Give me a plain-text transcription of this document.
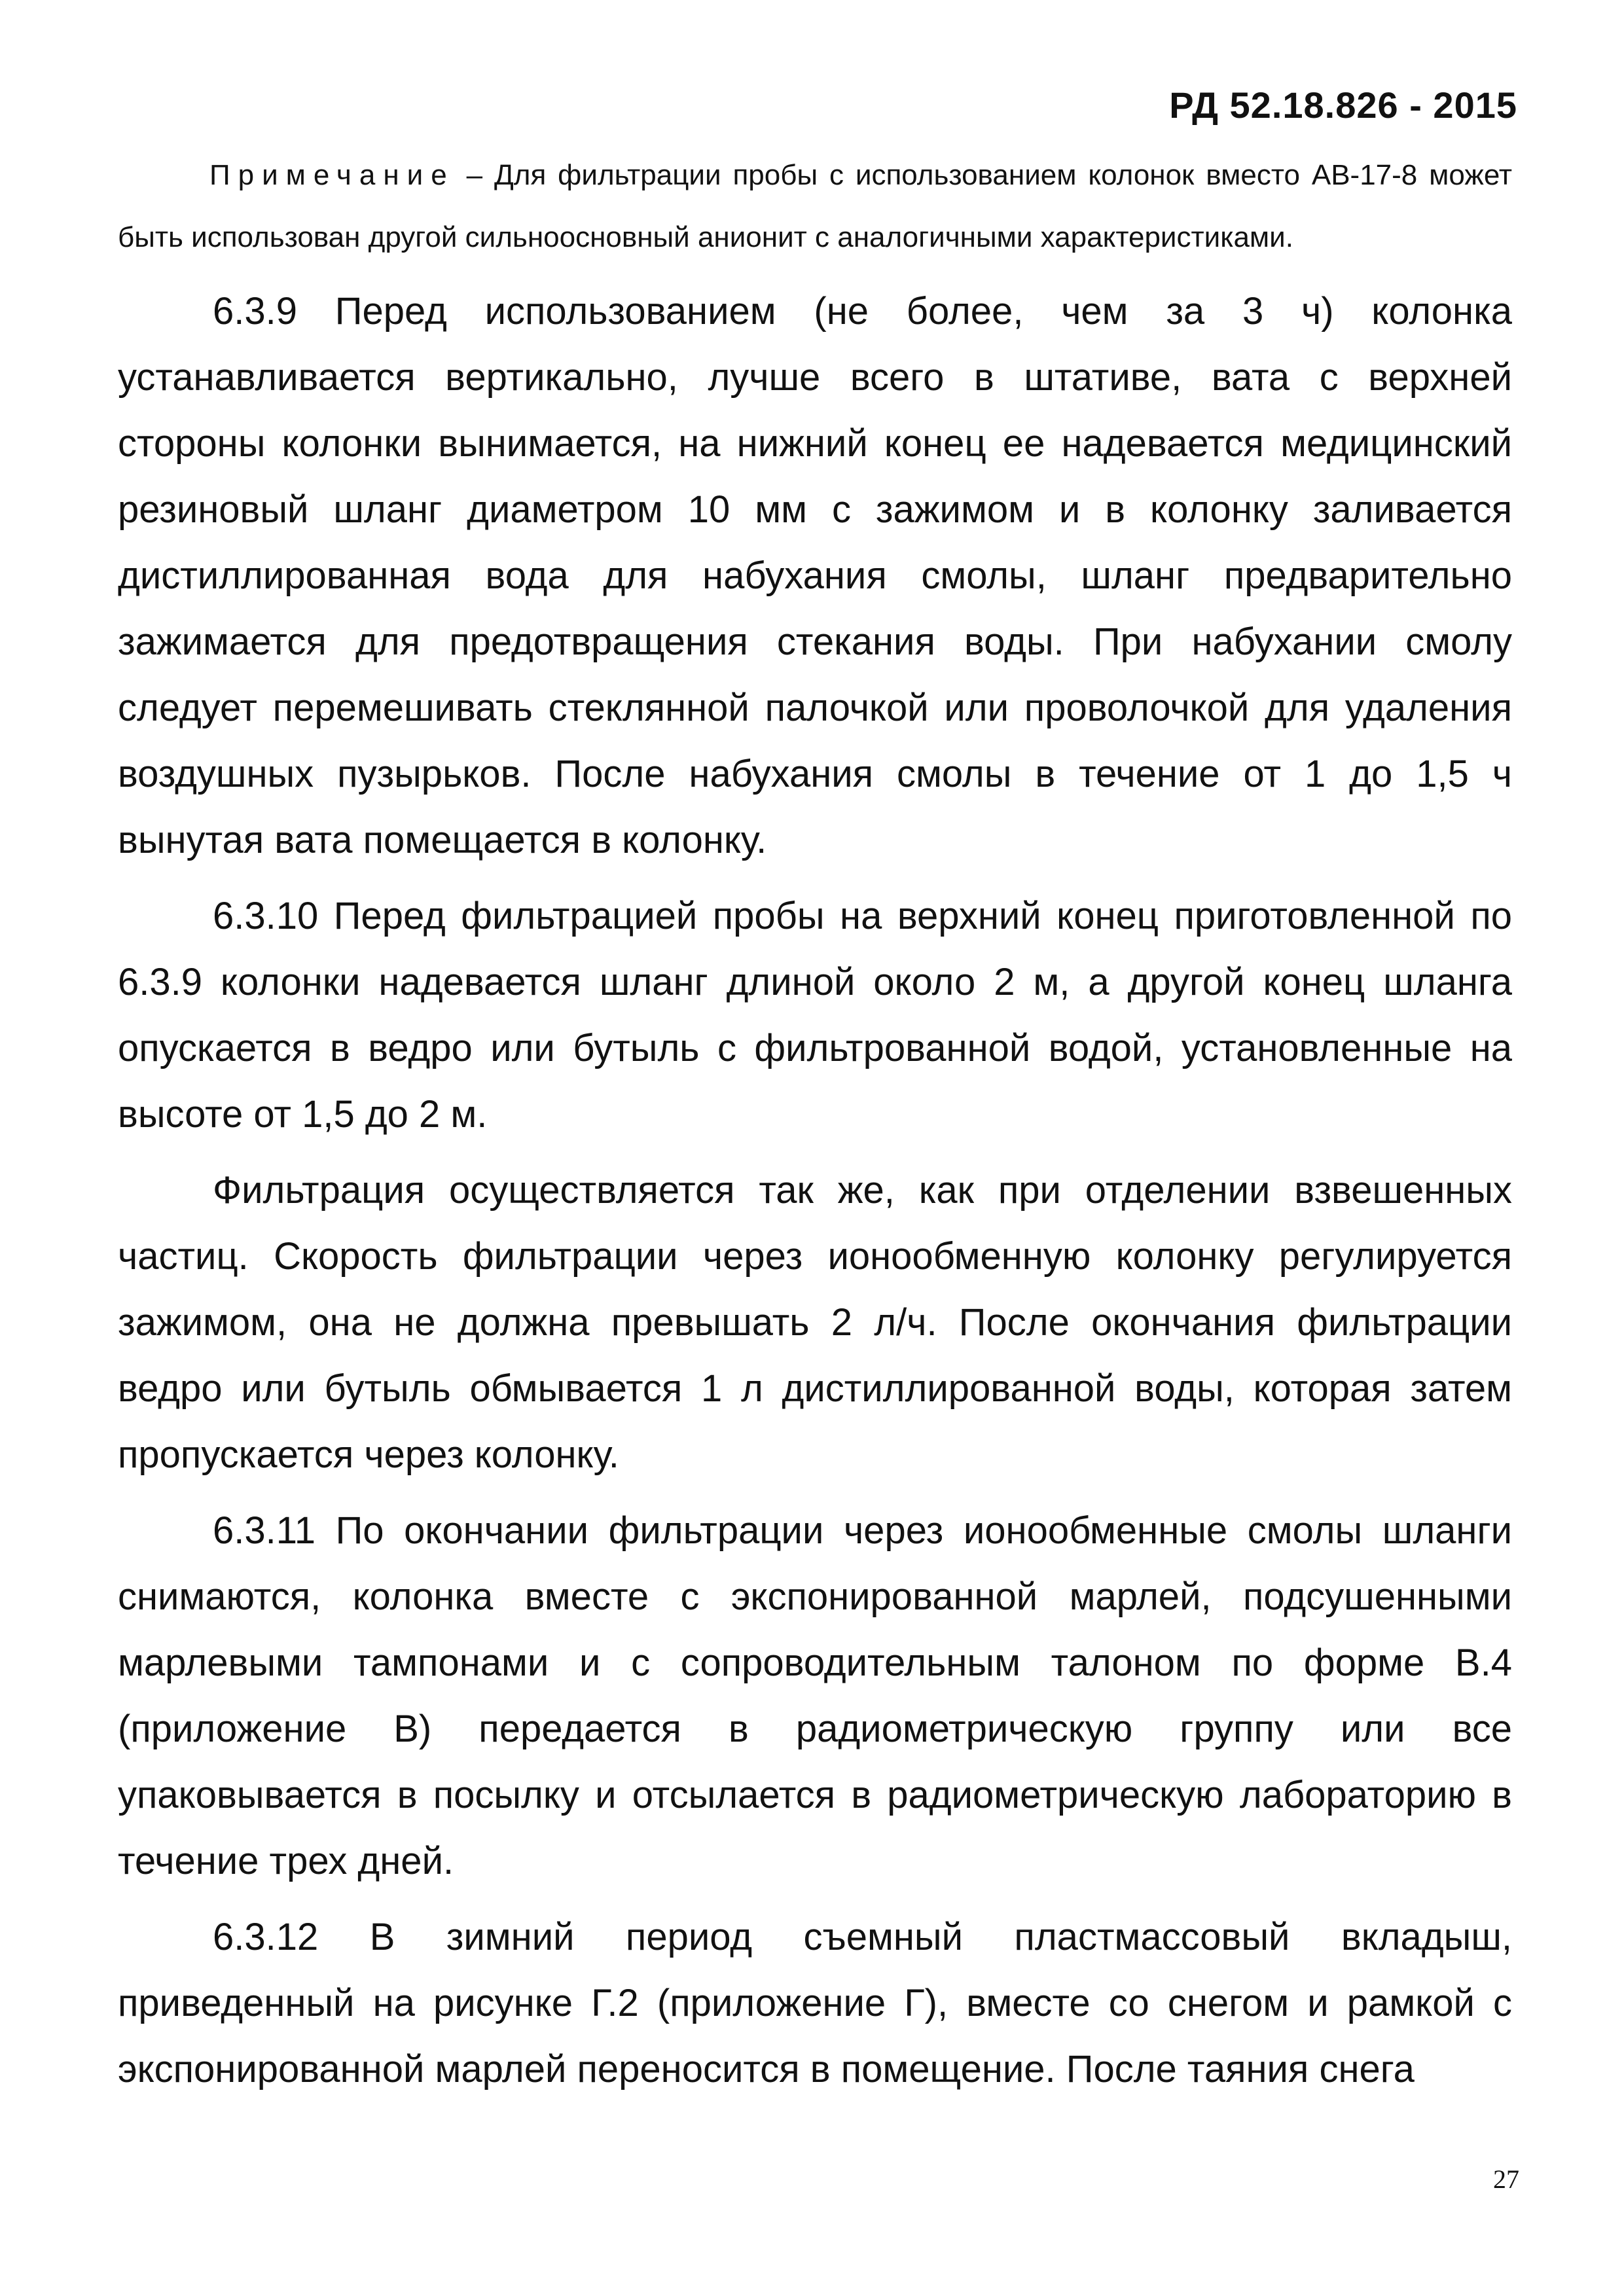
РД 52.18.826 - 2015

Примечание – Для фильтрации пробы с использованием колонок вместо АВ-17-8 может быть использован другой сильноосновный анионит с аналогичными характеристиками.

6.3.9 Перед использованием (не более, чем за 3 ч) колонка устанавливается вертикально, лучше всего в штативе, вата с верхней стороны колонки вынимается, на нижний конец ее надевается медицинский резиновый шланг диаметром 10 мм с зажимом и в колонку заливается дистиллированная вода для набухания смолы, шланг предварительно зажимается для предотвращения стекания воды. При набухании смолу следует перемешивать стеклянной палочкой или проволочкой для удаления воздушных пузырьков. После набухания смолы в течение от 1 до 1,5 ч вынутая вата помещается в колонку.

6.3.10 Перед фильтрацией пробы на верхний конец приготовленной по 6.3.9 колонки надевается шланг длиной около 2 м, а другой конец шланга опускается в ведро или бутыль с фильтрованной водой, установленные на высоте от 1,5 до 2 м.

Фильтрация осуществляется так же, как при отделении взвешенных частиц. Скорость фильтрации через ионообменную колонку регулируется зажимом, она не должна превышать 2 л/ч. После окончания фильтрации ведро или бутыль обмывается 1 л дистиллированной воды, которая затем пропускается через колонку.

6.3.11 По окончании фильтрации через ионообменные смолы шланги снимаются, колонка вместе с экспонированной марлей, подсушенными марлевыми тампонами и с сопроводительным талоном по форме В.4 (приложение В) передается в радиометрическую группу или все упаковывается в посылку и отсылается в радиометрическую лабораторию в течение трех дней.

6.3.12 В зимний период съемный пластмассовый вкладыш, приведенный на рисунке Г.2 (приложение Г), вместе со снегом и рамкой с экспонированной марлей переносится в помещение. После таяния снега

27
